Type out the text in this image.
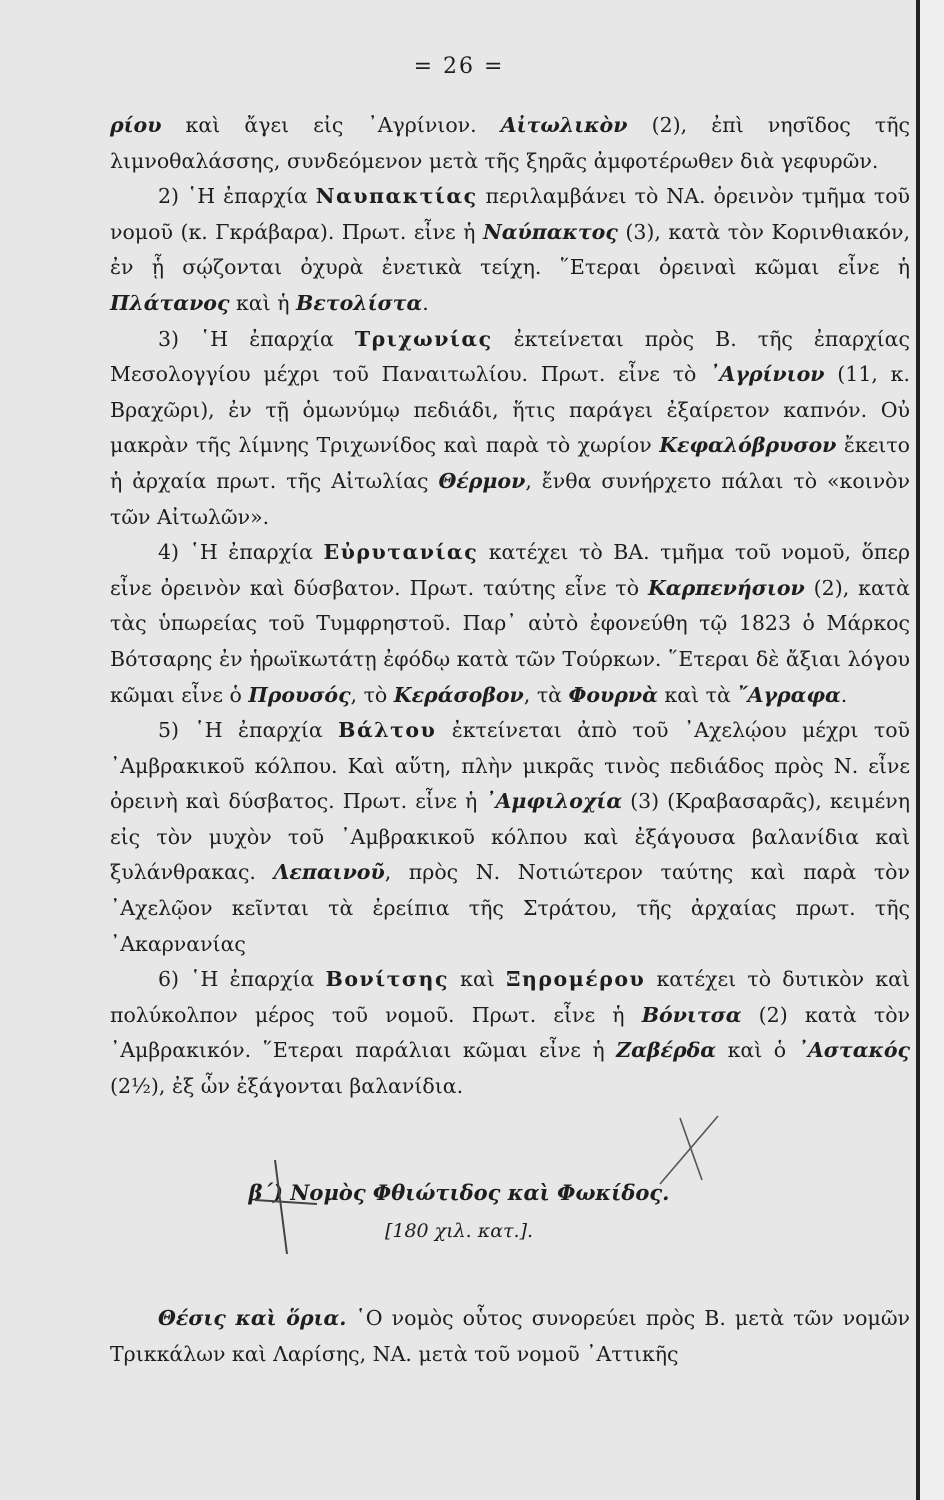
= 26 =

ρίου καὶ ἄγει εἰς ᾿Αγρίνιον. Αἰτωλικὸν (2), ἐπὶ νησῖδος τῆς λιμνοθαλάσσης, συνδεόμενον μετὰ τῆς ξηρᾶς ἀμφοτέρωθεν διὰ γεφυρῶν.

2) ῾Η ἐπαρχία Ναυπακτίας περιλαμβάνει τὸ ΝΑ. ὀρεινὸν τμῆμα τοῦ νομοῦ (κ. Γκράβαρα). Πρωτ. εἶνε ἡ Ναύπακτος (3), κατὰ τὸν Κορινθιακόν, ἐν ᾗ σῴζονται ὀχυρὰ ἐνετικὰ τείχη. ῞Ετεραι ὀρειναὶ κῶμαι εἶνε ἡ Πλάτανος καὶ ἡ Βετολίστα.

3) ῾Η ἐπαρχία Τριχωνίας ἐκτείνεται πρὸς Β. τῆς ἐπαρχίας Μεσολογγίου μέχρι τοῦ Παναιτωλίου. Πρωτ. εἶνε τὸ ᾿Αγρίνιον (11, κ. Βραχῶρι), ἐν τῇ ὁμωνύμῳ πεδιάδι, ἥτις παράγει ἐξαίρετον καπνόν. Οὐ μακρὰν τῆς λίμνης Τριχωνίδος καὶ παρὰ τὸ χωρίον Κεφαλόβρυσον ἔκειτο ἡ ἀρχαία πρωτ. τῆς Αἰτωλίας Θέρμον, ἔνθα συνήρχετο πάλαι τὸ «κοινὸν τῶν Αἰτωλῶν».

4) ῾Η ἐπαρχία Εὐρυτανίας κατέχει τὸ ΒΑ. τμῆμα τοῦ νομοῦ, ὅπερ εἶνε ὀρεινὸν καὶ δύσβατον. Πρωτ. ταύτης εἶνε τὸ Καρπενήσιον (2), κατὰ τὰς ὑπωρείας τοῦ Τυμφρηστοῦ. Παρ᾿ αὐτὸ ἐφονεύθη τῷ 1823 ὁ Μάρκος Βότσαρης ἐν ἡρωϊκωτάτῃ ἐφόδῳ κατὰ τῶν Τούρκων. ῞Ετεραι δὲ ἄξιαι λόγου κῶμαι εἶνε ὁ Προυσός, τὸ Κεράσοβον, τὰ Φουρνὰ καὶ τὰ ῎Αγραφα.

5) ῾Η ἐπαρχία Βάλτου ἐκτείνεται ἀπὸ τοῦ ᾿Αχελῴου μέχρι τοῦ ᾿Αμβρακικοῦ κόλπου. Καὶ αὕτη, πλὴν μικρᾶς τινὸς πεδιάδος πρὸς Ν. εἶνε ὀρεινὴ καὶ δύσβατος. Πρωτ. εἶνε ἡ ᾿Αμφιλοχία (3) (Κραβασαρᾶς), κειμένη εἰς τὸν μυχὸν τοῦ ᾿Αμβρακικοῦ κόλπου καὶ ἐξάγουσα βαλανίδια καὶ ξυλάνθρακας. Λεπαινοῦ, πρὸς Ν. Νοτιώτερον ταύτης καὶ παρὰ τὸν ᾿Αχελῷον κεῖνται τὰ ἐρείπια τῆς Στράτου, τῆς ἀρχαίας πρωτ. τῆς ᾿Ακαρνανίας

6) ῾Η ἐπαρχία Βονίτσης καὶ Ξηρομέρου κατέχει τὸ δυτικὸν καὶ πολύκολπον μέρος τοῦ νομοῦ. Πρωτ. εἶνε ἡ Βόνιτσα (2) κατὰ τὸν ᾿Αμβρακικόν. ῞Ετεραι παράλιαι κῶμαι εἶνε ἡ Ζαβέρδα καὶ ὁ ᾿Αστακός (2½), ἐξ ὧν ἐξάγονται βαλανίδια.

β΄) Νομὸς Φθιώτιδος καὶ Φωκίδος.
[180 χιλ. κατ.].

Θέσις καὶ ὅρια. ῾Ο νομὸς οὗτος συνορεύει πρὸς Β. μετὰ τῶν νομῶν Τρικκάλων καὶ Λαρίσης, ΝΑ. μετὰ τοῦ νομοῦ ᾿Αττικῆς
